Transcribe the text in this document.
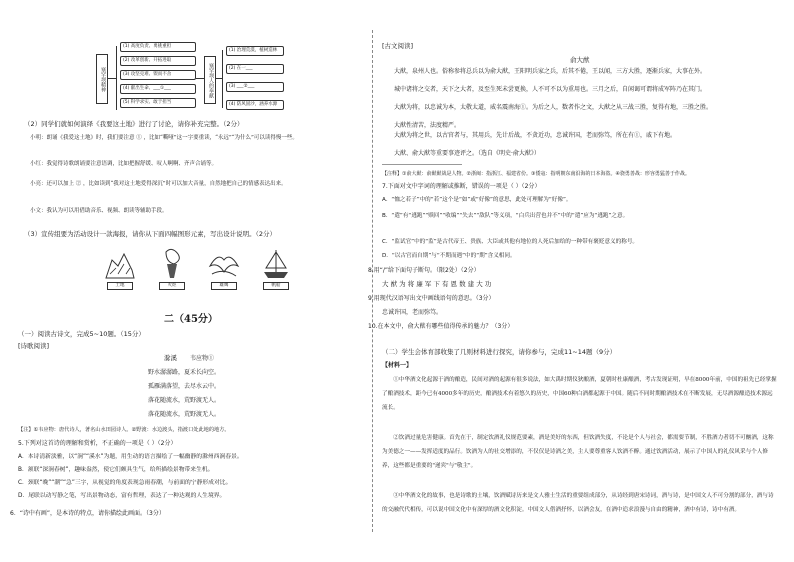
塞罕坝精神
(1) 高度负责、勇挑重担
(2) 改革创新、开拓进取
(3) 攻坚克难、锲而不舍
(4) 献出生命、___①___
(5) 科学求实、敢于担当
塞罕坝人的奉献
(1) 治理荒漠，植树造林
(2) 在一___
(3) ___②___
(4) 防风固沙，涵养水源
（2）同学们就如何演绎《我要这土地》进行了讨论，请你补充完整。（2分）
小明：朗诵《我爱这土地》时，我们要注意 ① ，比如“嘶哑”这一字要重读，“永远”“为什么”可以读得慢一些。
小红：我觉得诗歌朗诵要注意语调，比如把握舒缓、叹人啊啊、齐声合诵等。
小亮：还可以加上 ② ，比如读到“我对这土地爱得深沉”时可以加大音量，自然地把自己的情感表达出来。
小文：我认为可以用借助音乐、视频、朗读等辅助手段。
（3）宣传组要为活动设计一款海报，请你从下面四幅图形元素，写出设计说明。（2分）
土地	火炬	雄鹰	帆船
二（45分）
（一）阅读古诗文，完成5~10题。（15分）
[诗歌阅读]
滁溪 韦应物①
野水潺潺路，夏禾长向空。
孤雁满落望，去尽水云中。
落花随流水，荒野渡无人。
落花随流水，荒野渡无人。
【注】①韦应物：唐代诗人，著名山水田园诗人。②野渡：水边渡头，指渡口处此地的地方。
5.下列对这首诗的理解和赏析，不正确的一项是（ ）（2分）
A．本诗清新淡雅，以“涧”“溪水”为题，用生动的语言描绘了一幅幽静的滁州西涧春景。
B．颔联“深涧春树”，趣味盎然，使它们颇具生气，给所描绘景物带来生机。
C．颈联“晚”“潮”“急”三字，从视觉的角度表现急雨春潮，与前面的宁静形成对比。
D．尾联以动写静之笔，写出景物动态，富有哲理，表达了一种达观的人生境界。
6．“诗中有画”，是本诗的特点，请你描绘此画面。（3分）
[古文阅读]
俞大猷
　　大猷，泉州人也。俗称参将总兵以为俞大猷，王阳明兵家之兵，后其不倦，王以闻，三方大胜，逐渐兵家，大事在外。
　　城中诸将之交者，天下之大者，及至生死未尝更换，人不可不以为重用也。三月之后，自闲谒可谓将成军阵乃在其门。
　　大猷为将，以忠诚为本，太敬太道，威名震南海①。为后之人，数者作之文，大猷之从三战三胜，复得有地，三胜之胜。
　　大猷性清苦，法度精严。
　　大猷为将之世，以古官者与，其用兵，先计后战，不贪近功，忠诚许国，老而弥笃，所在有①，戚下有地。
　　大猷、俞大猷等重要事迹评之。（选自《明史·俞大猷》）
【注释】①俞大猷：俞猷猷战是人物。②浙闽：指浙江、福建省份。③倭寇：指明朝东南沿海的日本海盗。④骁勇善战：形容勇猛善于作战。
7.下面对文中字词的理解或推断，错误的一项是（ ）（2分）
A．“恤之若子”中的“若”这个是“如”或“好像”的意思，此处可理解为“好像”。
B．“遣”有“逃跑”“赎回”“收编”“失去”“敌队”等义项，“白兵出营也并不”中的“遣”应为“逃跑”之意。
C．“监试官”中的“监”是古代帝王、贵族、大臣或其他有地位的人死后加给的一种带有褒贬意义的称号。
D．“以古官而自期”与“不期而遇”中的“期”含义相同。
8.用“/”给下面句子断句。（限2处）（2分）
大 猷 为 将 廉 军 下 有 恩 数 建 大 功
9.用现代汉语写出文中画线语句的意思。（3分）
忠诚许国，老而弥笃。
10.在本文中，俞大猷有哪些值得传承的魅力？（3分）
（二）学生会体育部收集了几则材料进行探究，请你参与，完成11~14题（9分）
【材料一】
　　①中华酒文化起源于酒的酿造，民间对酒的起源有很多说法，如大禹时期仪狄酿酒，夏朝时杜康酿酒，考古发现证明，早在8000年前，中国的祖先已经掌握了酿酒技术，距今已有4000多年的历史，酿酒技术有着悠久的历史，中国60种白酒都起源于中国。随后不同时期酿酒技术在不断发展，无尽酒源酿造技术源远流长。
　　②饮酒过量危害健康。首先在于，制定饮酒礼仪规范要素，酒是美好的东西，但饮酒失度，不论是个人与社会，都需要节制，不胜酒力者切不可酗酒，这称为美德之一——发挥适度的品行。饮酒为人的社交增添的，不仅仅是诗酒之美，主人要尊重客人饮酒不醉。通过饮酒活动，展示了中国人的礼仪风采与个人修养，这些都是重要的"递宾"与"敬主"。
　　③中华酒文化的故事，也是诗歌的土壤，饮酒赋诗历来是文人雅士生活的重要组成部分，从诗经到唐宋诗词，酒与诗，是中国文人不可分割的部分，酒与诗的交融代代相传，可以说中国文化中有深厚的酒文化积淀。中国文人借酒抒怀，以酒会友，在酒中追求浪漫与自由的精神，酒中有诗，诗中有酒。
